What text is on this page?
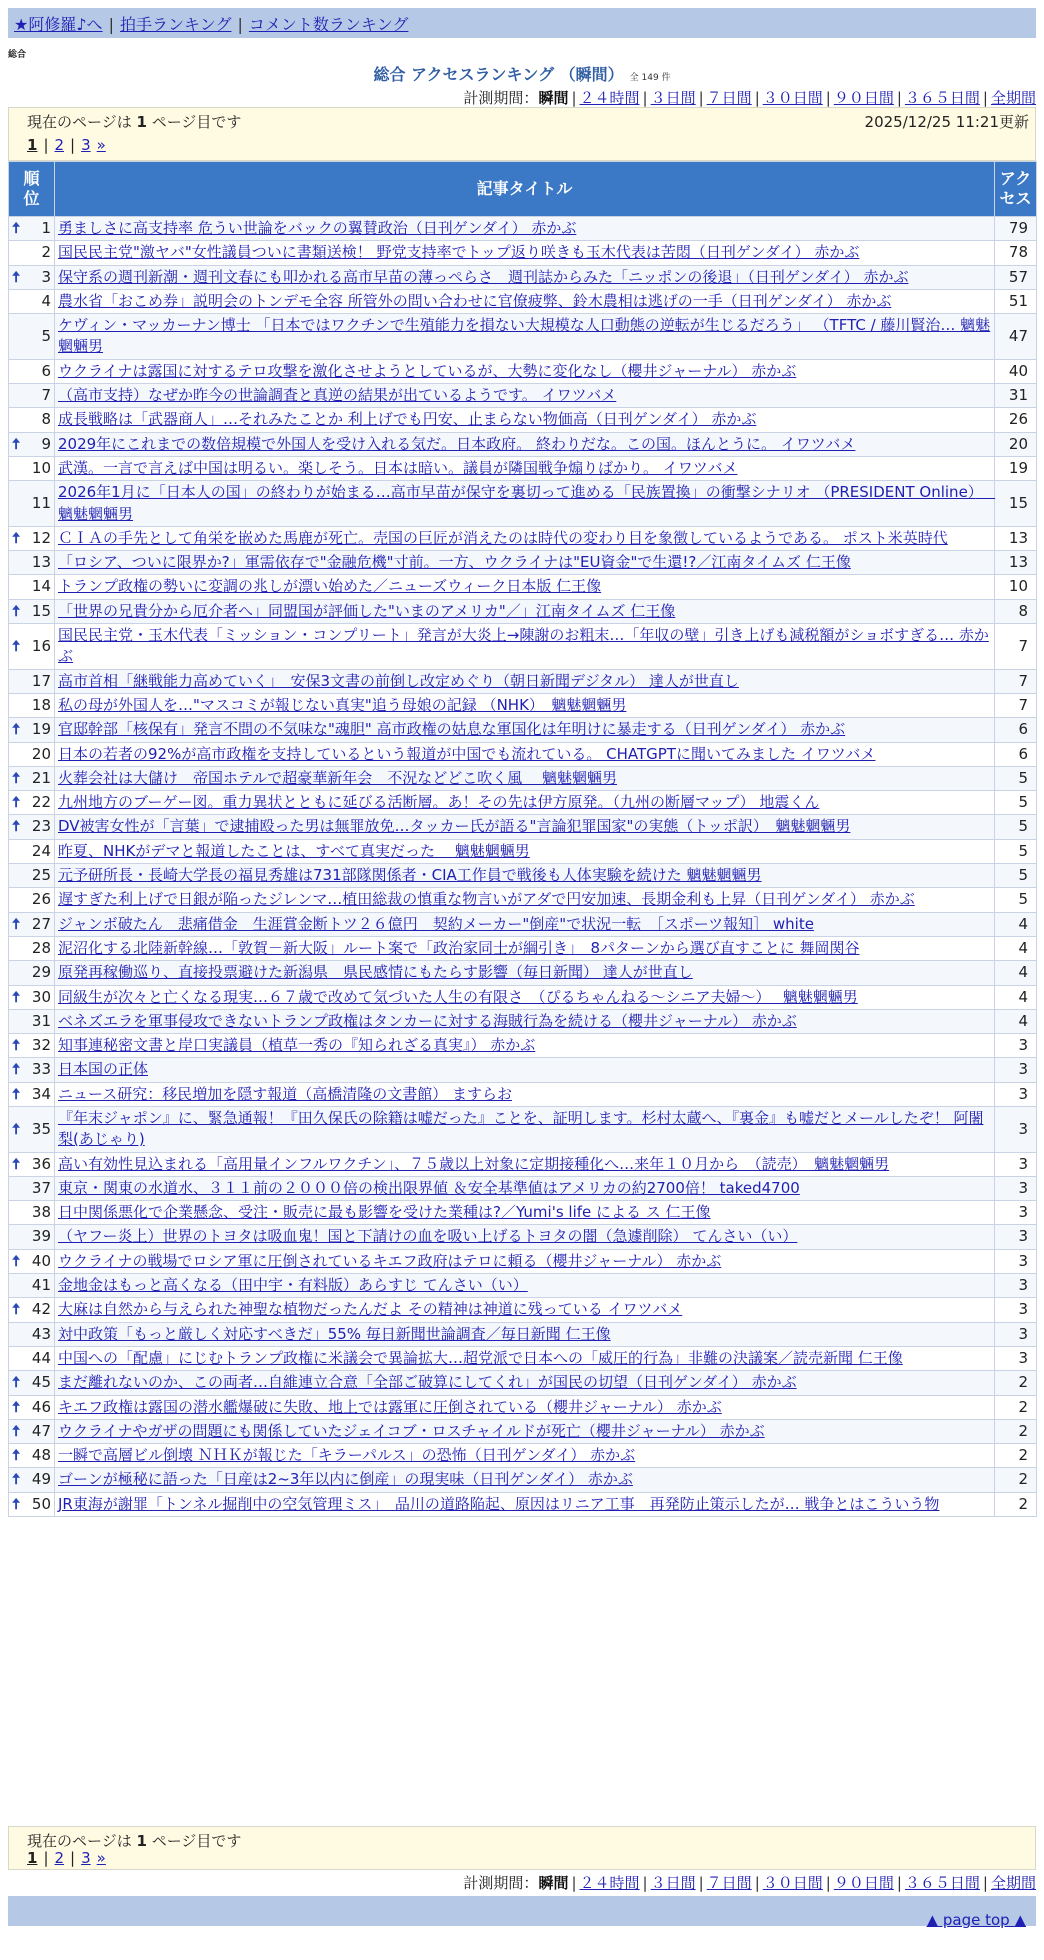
★阿修羅♪へ | 拍手ランキング | コメント数ランキング
総合
総合 アクセスランキング （瞬間） 全 149 件
計測期間：瞬間 | ２４時間 | ３日間 | ７日間 | ３０日間 | ９０日間 | ３６５日間 | 全期間
現在のページは 1 ページ目です	2025/12/25 11:21更新
1 | 2 | 3 »
順位	記事タイトル	アクセス

🠅 1	勇ましさに高支持率 危うい世論をバックの翼賛政治（日刊ゲンダイ） 赤かぶ	79
2	国民民主党"激ヤバ"女性議員ついに書類送検！ 野党支持率でトップ返り咲きも玉木代表は苦悶（日刊ゲンダイ） 赤かぶ	78

🠅 3	保守系の週刊新潮・週刊文春にも叩かれる高市早苗の薄っぺらさ　週刊誌からみた「ニッポンの後退」（日刊ゲンダイ） 赤かぶ	57
4	農水省「おこめ券」説明会のトンデモ全容 所管外の問い合わせに官僚疲弊、鈴木農相は逃げの一手（日刊ゲンダイ） 赤かぶ	51
5	ケヴィン・マッカーナン博士 「日本ではワクチンで生殖能力を損ない大規模な人口動態の逆転が生じるだろう」 （TFTC / 藤川賢治… 魑魅魍魎男	47
6	ウクライナは露国に対するテロ攻撃を激化させようとしているが、大勢に変化なし（櫻井ジャーナル） 赤かぶ	40
7	（高市支持）なぜか昨今の世論調査と真逆の結果が出ているようです。 イワツバメ	31
8	成長戦略は「武器商人」…それみたことか 利上げでも円安、止まらない物価高（日刊ゲンダイ） 赤かぶ	26

🠅 9	2029年にこれまでの数倍規模で外国人を受け入れる気だ。日本政府。 終わりだな。この国。ほんとうに。 イワツバメ	20
10	武漢。一言で言えば中国は明るい。楽しそう。日本は暗い。議員が隣国戦争煽りばかり。 イワツバメ	19
11	2026年1月に「日本人の国」の終わりが始まる…高市早苗が保守を裏切って進める「民族置換」の衝撃シナリオ （PRESIDENT Online）　 魑魅魍魎男	15

🠅 12	ＣＩＡの手先として角栄を嵌めた馬鹿が死亡。売国の巨匠が消えたのは時代の変わり目を象徴しているようである。 ポスト米英時代	13
13	「ロシア、ついに限界か?」軍需依存で"金融危機"寸前。一方、ウクライナは"EU資金"で生還!?／江南タイムズ 仁王像	13
14	トランプ政権の勢いに変調の兆しが漂い始めた／ニューズウィーク日本版 仁王像	10

🠅 15	「世界の兄貴分から厄介者へ」同盟国が評価した"いまのアメリカ"／」江南タイムズ 仁王像	8

🠅 16	国民民主党・玉木代表「ミッション・コンプリート」発言が大炎上→陳謝のお粗末…「年収の壁」引き上げも減税額がショボすぎる… 赤かぶ	7
17	高市首相「継戦能力高めていく」　安保3文書の前倒し改定めぐり（朝日新聞デジタル） 達人が世直し	7
18	私の母が外国人を…"マスコミが報じない真実"追う母娘の記録 （NHK）　魑魅魍魎男	7

🠅 19	官邸幹部「核保有」発言不問の不気味な"魂胆" 高市政権の姑息な軍国化は年明けに暴走する（日刊ゲンダイ） 赤かぶ	6
20	日本の若者の92%が高市政権を支持しているという報道が中国でも流れている。 CHATGPTに聞いてみました イワツバメ	6

🠅 21	火葬会社は大儲け　帝国ホテルで超豪華新年会　不況などどこ吹く風　 魑魅魍魎男	5

🠅 22	九州地方のブーゲー図。重力異状とともに延びる活断層。あ！その先は伊方原発。（九州の断層マップ） 地震くん	5

🠅 23	DV被害女性が「言葉」で逮捕殴った男は無罪放免…タッカー氏が語る"言論犯罪国家"の実態（トッポ訳）　魑魅魍魎男	5
24	昨夏、NHKがデマと報道したことは、すべて真実だった　 魑魅魍魎男	5
25	元予研所長・長崎大学長の福見秀雄は731部隊関係者・CIA工作員で戦後も人体実験を続けた 魑魅魍魎男	5
26	遅すぎた利上げで日銀が陥ったジレンマ…植田総裁の慎重な物言いがアダで円安加速、長期金利も上昇（日刊ゲンダイ） 赤かぶ	5

🠅 27	ジャンボ破たん　悲痛借金　生涯賞金断トツ２６億円　契約メーカー"倒産"で状況一転　［スポーツ報知］ white	4
28	泥沼化する北陸新幹線…「敦賀－新大阪」ルート案で「政治家同士が綱引き」　8パターンから選び直すことに 舞岡関谷	4
29	原発再稼働巡り、直接投票避けた新潟県　県民感情にもたらす影響（毎日新聞） 達人が世直し	4

🠅 30	同級生が次々と亡くなる現実…６７歳で改めて気づいた人生の有限さ　（ぴるちゃんねる～シニア夫婦～）　 魑魅魍魎男	4
31	ベネズエラを軍事侵攻できないトランプ政権はタンカーに対する海賊行為を続ける（櫻井ジャーナル） 赤かぶ	4

🠅 32	知事連秘密文書と岸口実議員（植草一秀の『知られざる真実』） 赤かぶ	3

🠅 33	日本国の正体	3

🠅 34	ニュース研究：移民増加を隠す報道（高橋清隆の文書館） ますらお	3

🠅 35	『年末ジャポン』に、緊急通報！『田久保氏の除籍は嘘だった』ことを、証明します。杉村太蔵へ、『裏金』も嘘だとメールしたぞ！ 阿闍梨(あじゃり)	3

🠅 36	高い有効性見込まれる「高用量インフルワクチン」、７５歳以上対象に定期接種化へ…来年１０月から　（読売）　魑魅魍魎男	3
37	東京・関東の水道水、３１１前の２０００倍の検出限界値 ＆安全基準値はアメリカの約2700倍！ taked4700	3
38	日中関係悪化で企業懸念、受注・販売に最も影響を受けた業種は?／Yumi's life による ス 仁王像	3
39	（ヤフー炎上）世界のトヨタは吸血鬼！国と下請けの血を吸い上げるトヨタの闇（急遽削除） てんさい（い）	3

🠅 40	ウクライナの戦場でロシア軍に圧倒されているキエフ政府はテロに頼る（櫻井ジャーナル） 赤かぶ	3
41	金地金はもっと高くなる（田中宇・有料版）あらすじ てんさい（い）	3

🠅 42	大麻は自然から与えられた神聖な植物だったんだよ その精神は神道に残っている イワツバメ	3
43	対中政策「もっと厳しく対応すべきだ」55% 毎日新聞世論調査／毎日新聞 仁王像	3
44	中国への「配慮」にじむトランプ政権に米議会で異論拡大…超党派で日本への「威圧的行為」非難の決議案／読売新聞 仁王像	3

🠅 45	まだ離れないのか、この両者…自維連立合意「全部ご破算にしてくれ」が国民の切望（日刊ゲンダイ） 赤かぶ	2

🠅 46	キエフ政権は露国の潜水艦爆破に失敗、地上では露軍に圧倒されている（櫻井ジャーナル） 赤かぶ	2

🠅 47	ウクライナやガザの問題にも関係していたジェイコブ・ロスチャイルドが死亡（櫻井ジャーナル） 赤かぶ	2

🠅 48	一瞬で高層ビル倒壊 ＮＨＫが報じた「キラーパルス」の恐怖（日刊ゲンダイ） 赤かぶ	2

🠅 49	ゴーンが極秘に語った「日産は2~3年以内に倒産」の現実味（日刊ゲンダイ） 赤かぶ	2

🠅 50	JR東海が謝罪「トンネル掘削中の空気管理ミス」　品川の道路陥起、原因はリニア工事　再発防止策示したが… 戦争とはこういう物	2
現在のページは 1 ページ目です
1 | 2 | 3 »
計測期間：瞬間 | ２４時間 | ３日間 | ７日間 | ３０日間 | ９０日間 | ３６５日間 | 全期間
▲ page top ▲
